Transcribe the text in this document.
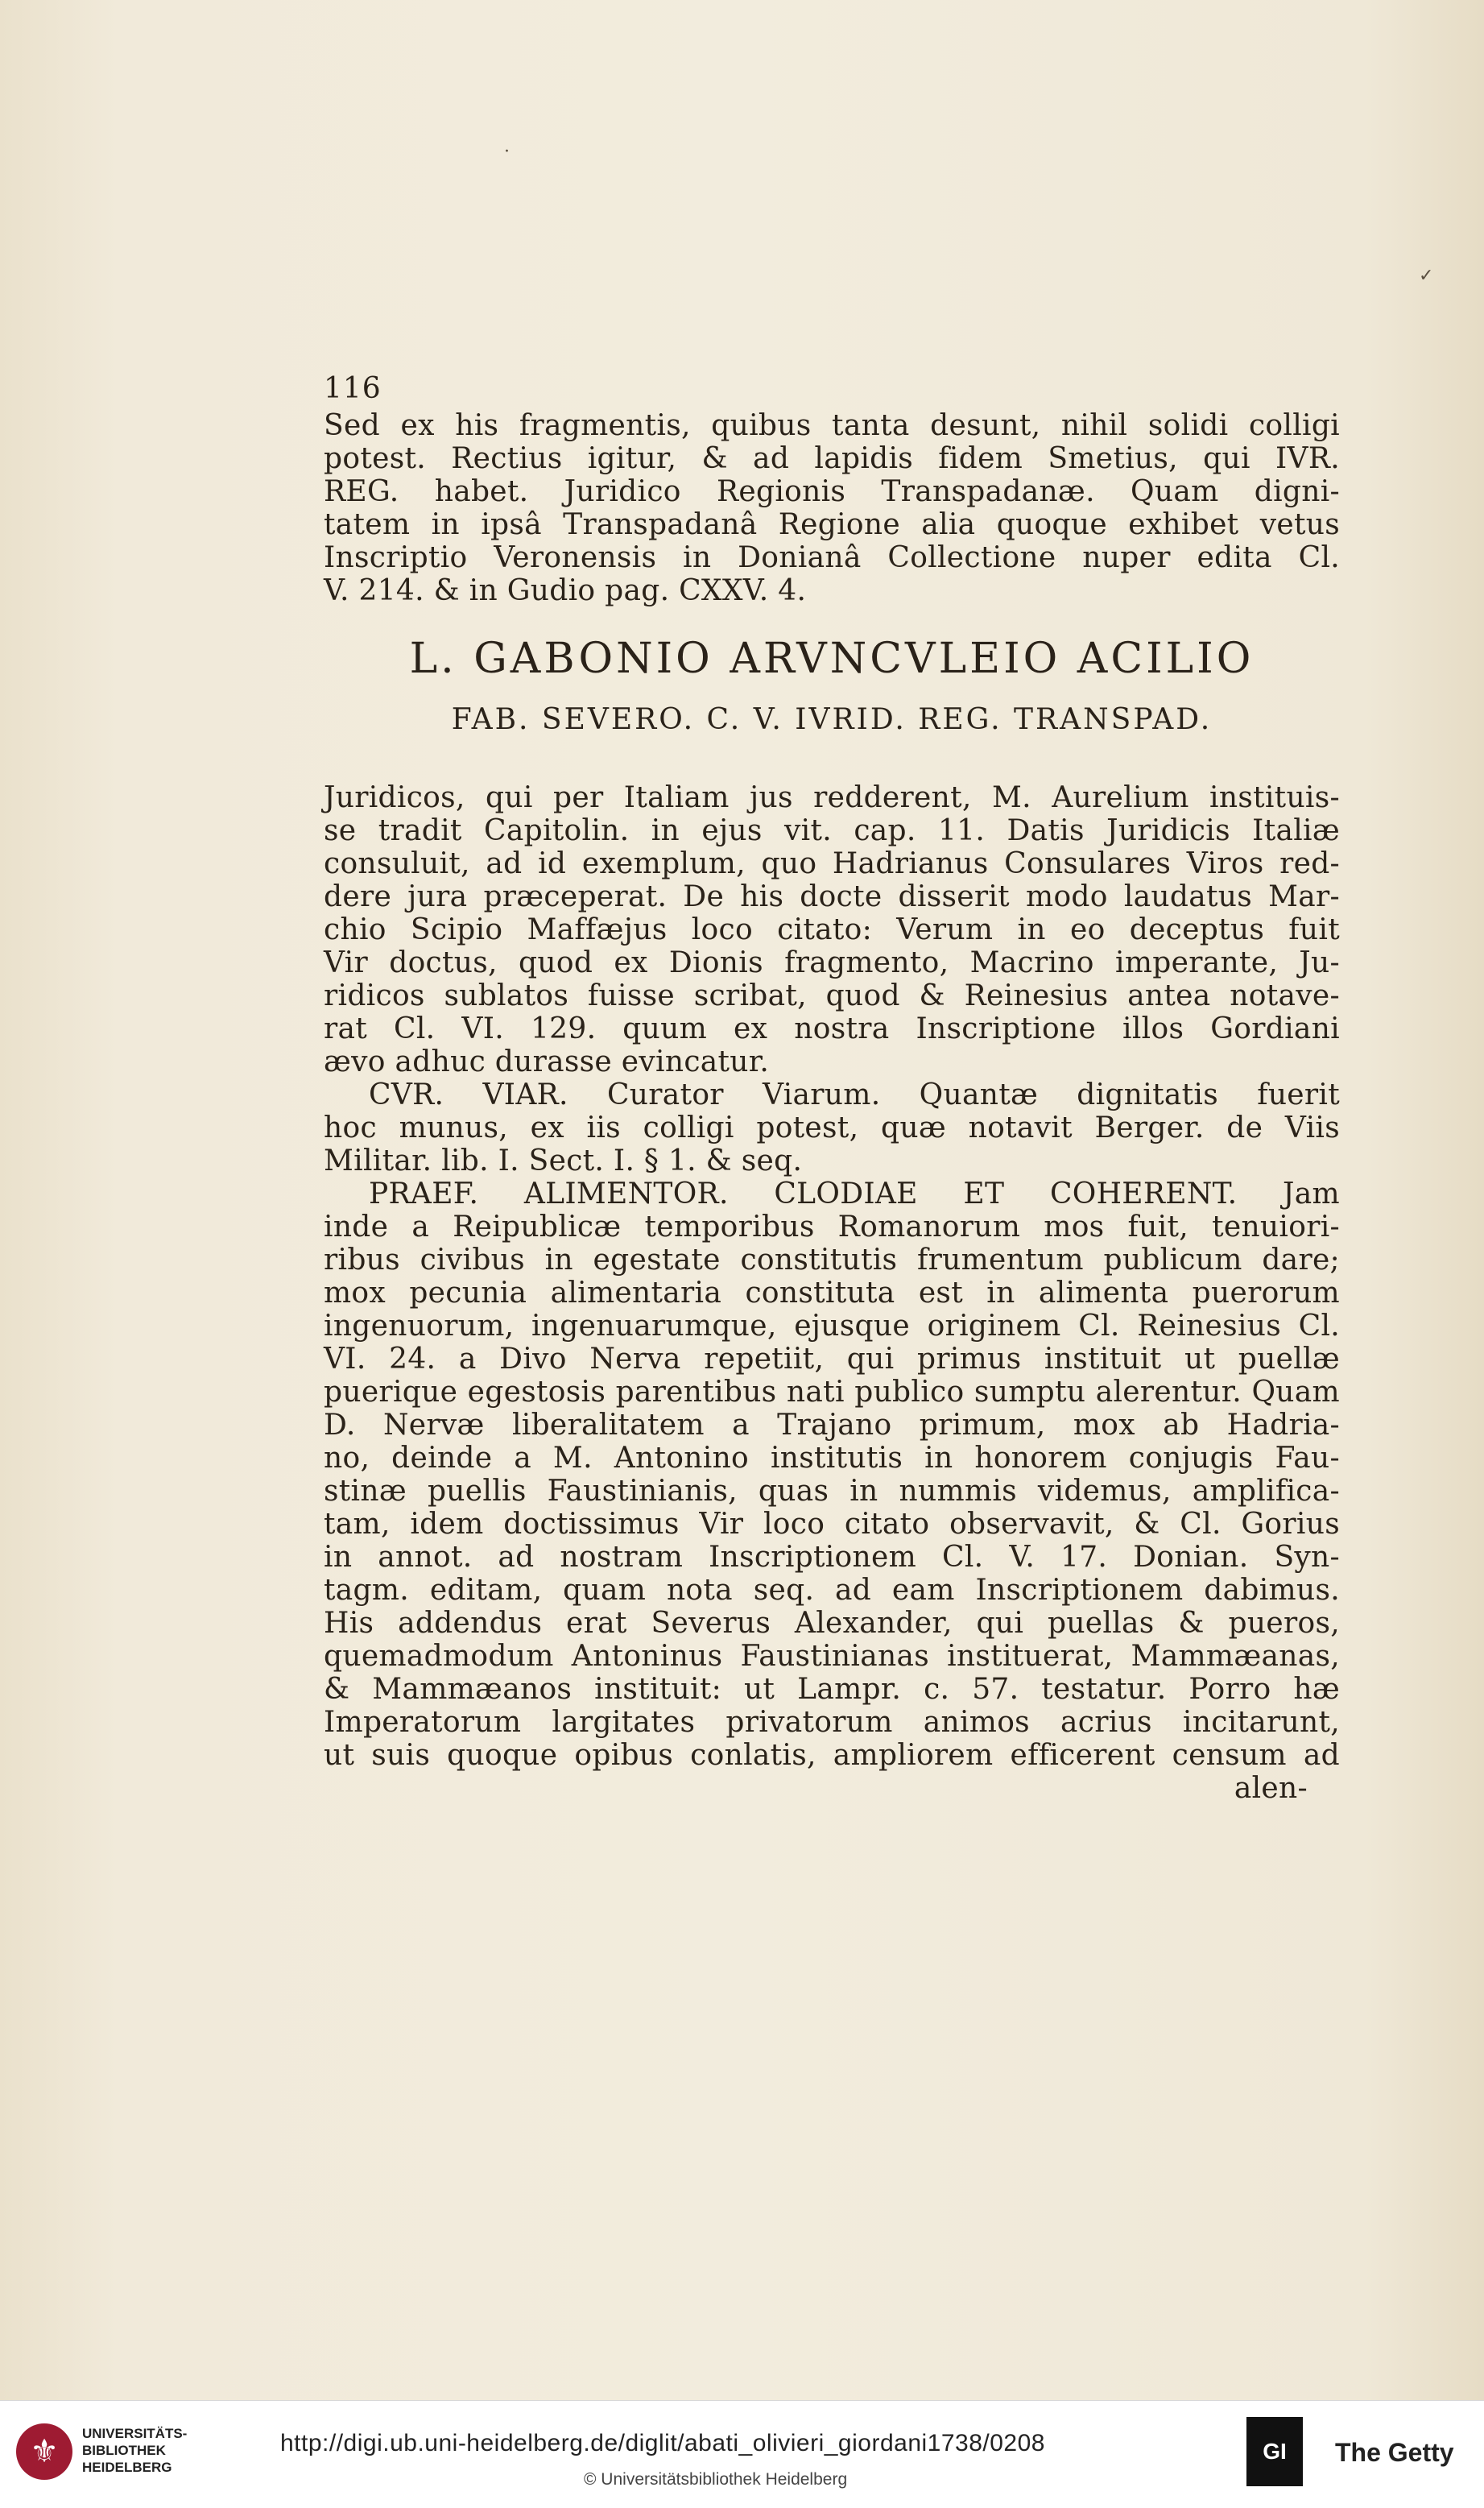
·
✓
116
Sed ex his fragmentis, quibus tanta desunt, nihil solidi colligi
potest. Rectius igitur, & ad lapidis fidem Smetius, qui IVR.
REG. habet. Juridico Regionis Transpadanæ. Quam digni-
tatem in ipsâ Transpadanâ Regione alia quoque exhibet vetus
Inscriptio Veronensis in Donianâ Collectione nuper edita Cl.
V. 214. & in Gudio pag. CXXV. 4.
L. GABONIO ARVNCVLEIO ACILIO
FAB. SEVERO. C. V. IVRID. REG. TRANSPAD.
Juridicos, qui per Italiam jus redderent, M. Aurelium instituis-
se tradit Capitolin. in ejus vit. cap. 11. Datis Juridicis Italiæ
consuluit, ad id exemplum, quo Hadrianus Consulares Viros red-
dere jura præceperat. De his docte disserit modo laudatus Mar-
chio Scipio Maffæjus loco citato: Verum in eo deceptus fuit
Vir doctus, quod ex Dionis fragmento, Macrino imperante, Ju-
ridicos sublatos fuisse scribat, quod & Reinesius antea notave-
rat Cl. VI. 129. quum ex nostra Inscriptione illos Gordiani
ævo adhuc durasse evincatur.
CVR. VIAR. Curator Viarum. Quantæ dignitatis fuerit
hoc munus, ex iis colligi potest, quæ notavit Berger. de Viis
Militar. lib. I. Sect. I. § 1. & seq.
PRAEF. ALIMENTOR. CLODIAE ET COHERENT. Jam
inde a Reipublicæ temporibus Romanorum mos fuit, tenuiori-
ribus civibus in egestate constitutis frumentum publicum dare;
mox pecunia alimentaria constituta est in alimenta puerorum
ingenuorum, ingenuarumque, ejusque originem Cl. Reinesius Cl.
VI. 24. a Divo Nerva repetiit, qui primus instituit ut puellæ
puerique egestosis parentibus nati publico sumptu alerentur. Quam
D. Nervæ liberalitatem a Trajano primum, mox ab Hadria-
no, deinde a M. Antonino institutis in honorem conjugis Fau-
stinæ puellis Faustinianis, quas in nummis videmus, amplifica-
tam, idem doctissimus Vir loco citato observavit, & Cl. Gorius
in annot. ad nostram Inscriptionem Cl. V. 17. Donian. Syn-
tagm. editam, quam nota seq. ad eam Inscriptionem dabimus.
His addendus erat Severus Alexander, qui puellas & pueros,
quemadmodum Antoninus Faustinianas instituerat, Mammæanas,
& Mammæanos instituit: ut Lampr. c. 57. testatur. Porro hæ
Imperatorum largitates privatorum animos acrius incitarunt,
ut suis quoque opibus conlatis, ampliorem efficerent censum ad
alen-
⚜
UNIVERSITÄTS-
BIBLIOTHEK
HEIDELBERG
http://digi.ub.uni-heidelberg.de/diglit/abati_olivieri_giordani1738/0208
© Universitätsbibliothek Heidelberg
GI	The Getty
